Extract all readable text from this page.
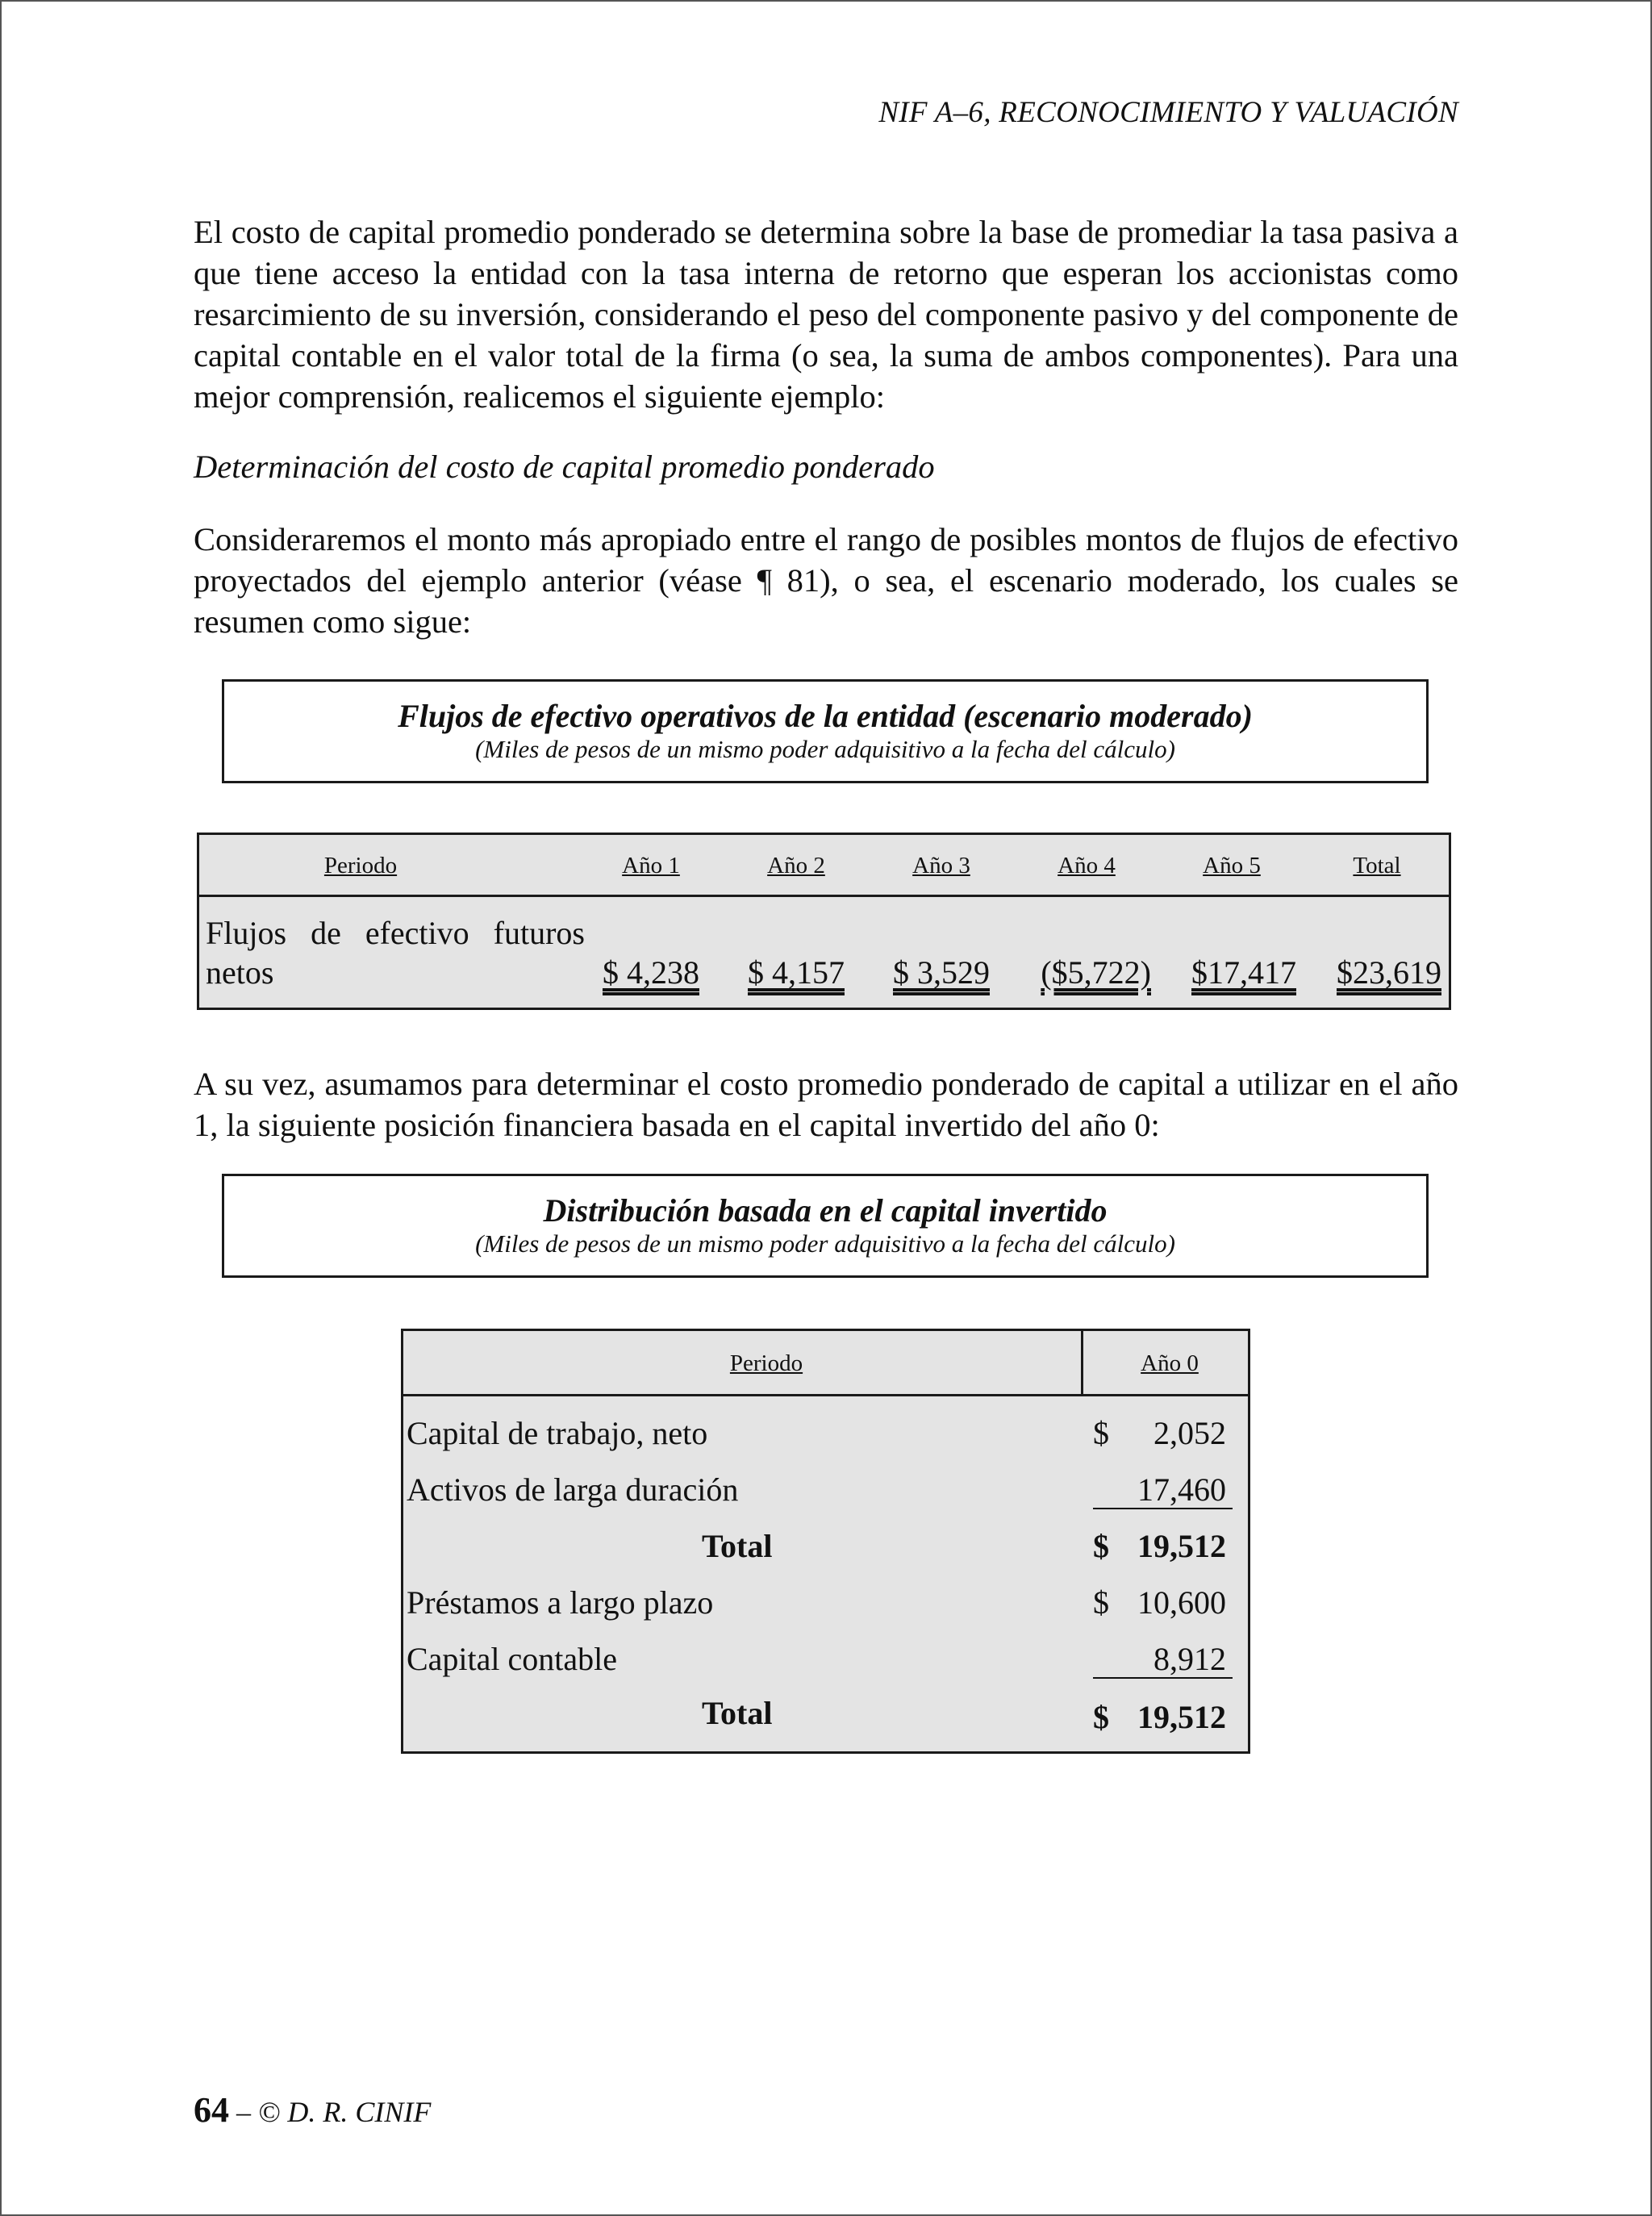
NIF A–6, RECONOCIMIENTO Y VALUACIÓN

El costo de capital promedio ponderado se determina sobre la base de promediar la tasa pasiva a que tiene acceso la entidad con la tasa interna de retorno que esperan los accionistas como resarcimiento de su inversión, considerando el peso del componente pasivo y del componente de capital contable en el valor total de la firma (o sea, la suma de ambos componentes). Para una mejor comprensión, realicemos el siguiente ejemplo:

Determinación del costo de capital promedio ponderado

Consideraremos el monto más apropiado entre el rango de posibles montos de flujos de efectivo proyectados del ejemplo anterior (véase ¶ 81), o sea, el escenario moderado, los cuales se resumen como sigue:

Flujos de efectivo operativos de la entidad (escenario moderado)
(Miles de pesos de un mismo poder adquisitivo a la fecha del cálculo)
Periodo	Año 1	Año 2	Año 3	Año 4	Año 5	Total
Flujos de efectivo futuros
netos	$ 4,238	$ 4,157	$ 3,529	($5,722)	$17,417	$23,619

A su vez, asumamos para determinar el costo promedio ponderado de capital a utilizar en el año 1, la siguiente posición financiera basada en el capital invertido del año 0:

Distribución basada en el capital invertido
(Miles de pesos de un mismo poder adquisitivo a la fecha del cálculo)
Periodo	Año 0
Capital de trabajo, neto	$ 2,052
Activos de larga duración	17,460
Total	$ 19,512
Préstamos a largo plazo	$ 10,600
Capital contable	8,912
Total	$ 19,512
64 – © D. R. CINIF
